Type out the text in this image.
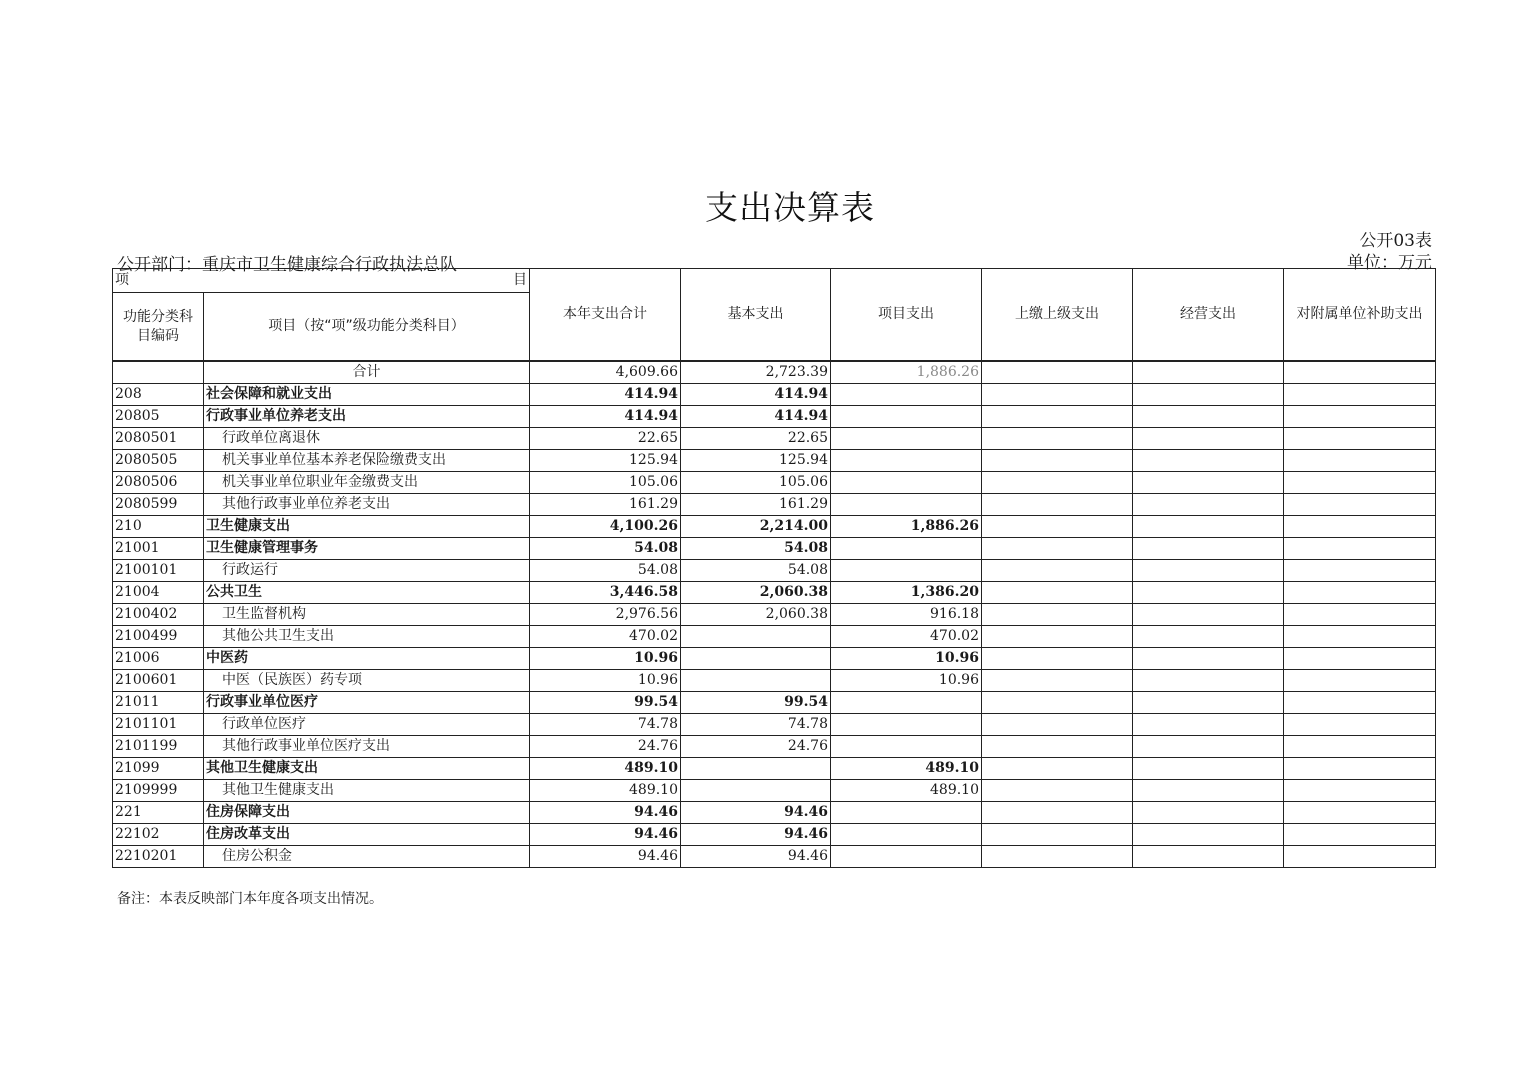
支出决算表
公开03表
公开部门：重庆市卫生健康综合行政执法总队	单位：万元
项 目		本年支出合计	基本支出	项目支出	上缴上级支出	经营支出	对附属单位补助支出
功能分类科目编码	项目（按“项”级功能分类科目）						
	合计	4,609.66	2,723.39	1,886.26			
208	社会保障和就业支出	414.94	414.94				
20805	行政事业单位养老支出	414.94	414.94				
2080501	行政单位离退休	22.65	22.65				
2080505	机关事业单位基本养老保险缴费支出	125.94	125.94				
2080506	机关事业单位职业年金缴费支出	105.06	105.06				
2080599	其他行政事业单位养老支出	161.29	161.29				
210	卫生健康支出	4,100.26	2,214.00	1,886.26			
21001	卫生健康管理事务	54.08	54.08				
2100101	行政运行	54.08	54.08				
21004	公共卫生	3,446.58	2,060.38	1,386.20			
2100402	卫生监督机构	2,976.56	2,060.38	916.18			
2100499	其他公共卫生支出	470.02		470.02			
21006	中医药	10.96		10.96			
2100601	中医（民族医）药专项	10.96		10.96			
21011	行政事业单位医疗	99.54	99.54				
2101101	行政单位医疗	74.78	74.78				
2101199	其他行政事业单位医疗支出	24.76	24.76				
21099	其他卫生健康支出	489.10		489.10			
2109999	其他卫生健康支出	489.10		489.10			
221	住房保障支出	94.46	94.46				
22102	住房改革支出	94.46	94.46				
2210201	住房公积金	94.46	94.46				
备注：本表反映部门本年度各项支出情况。
